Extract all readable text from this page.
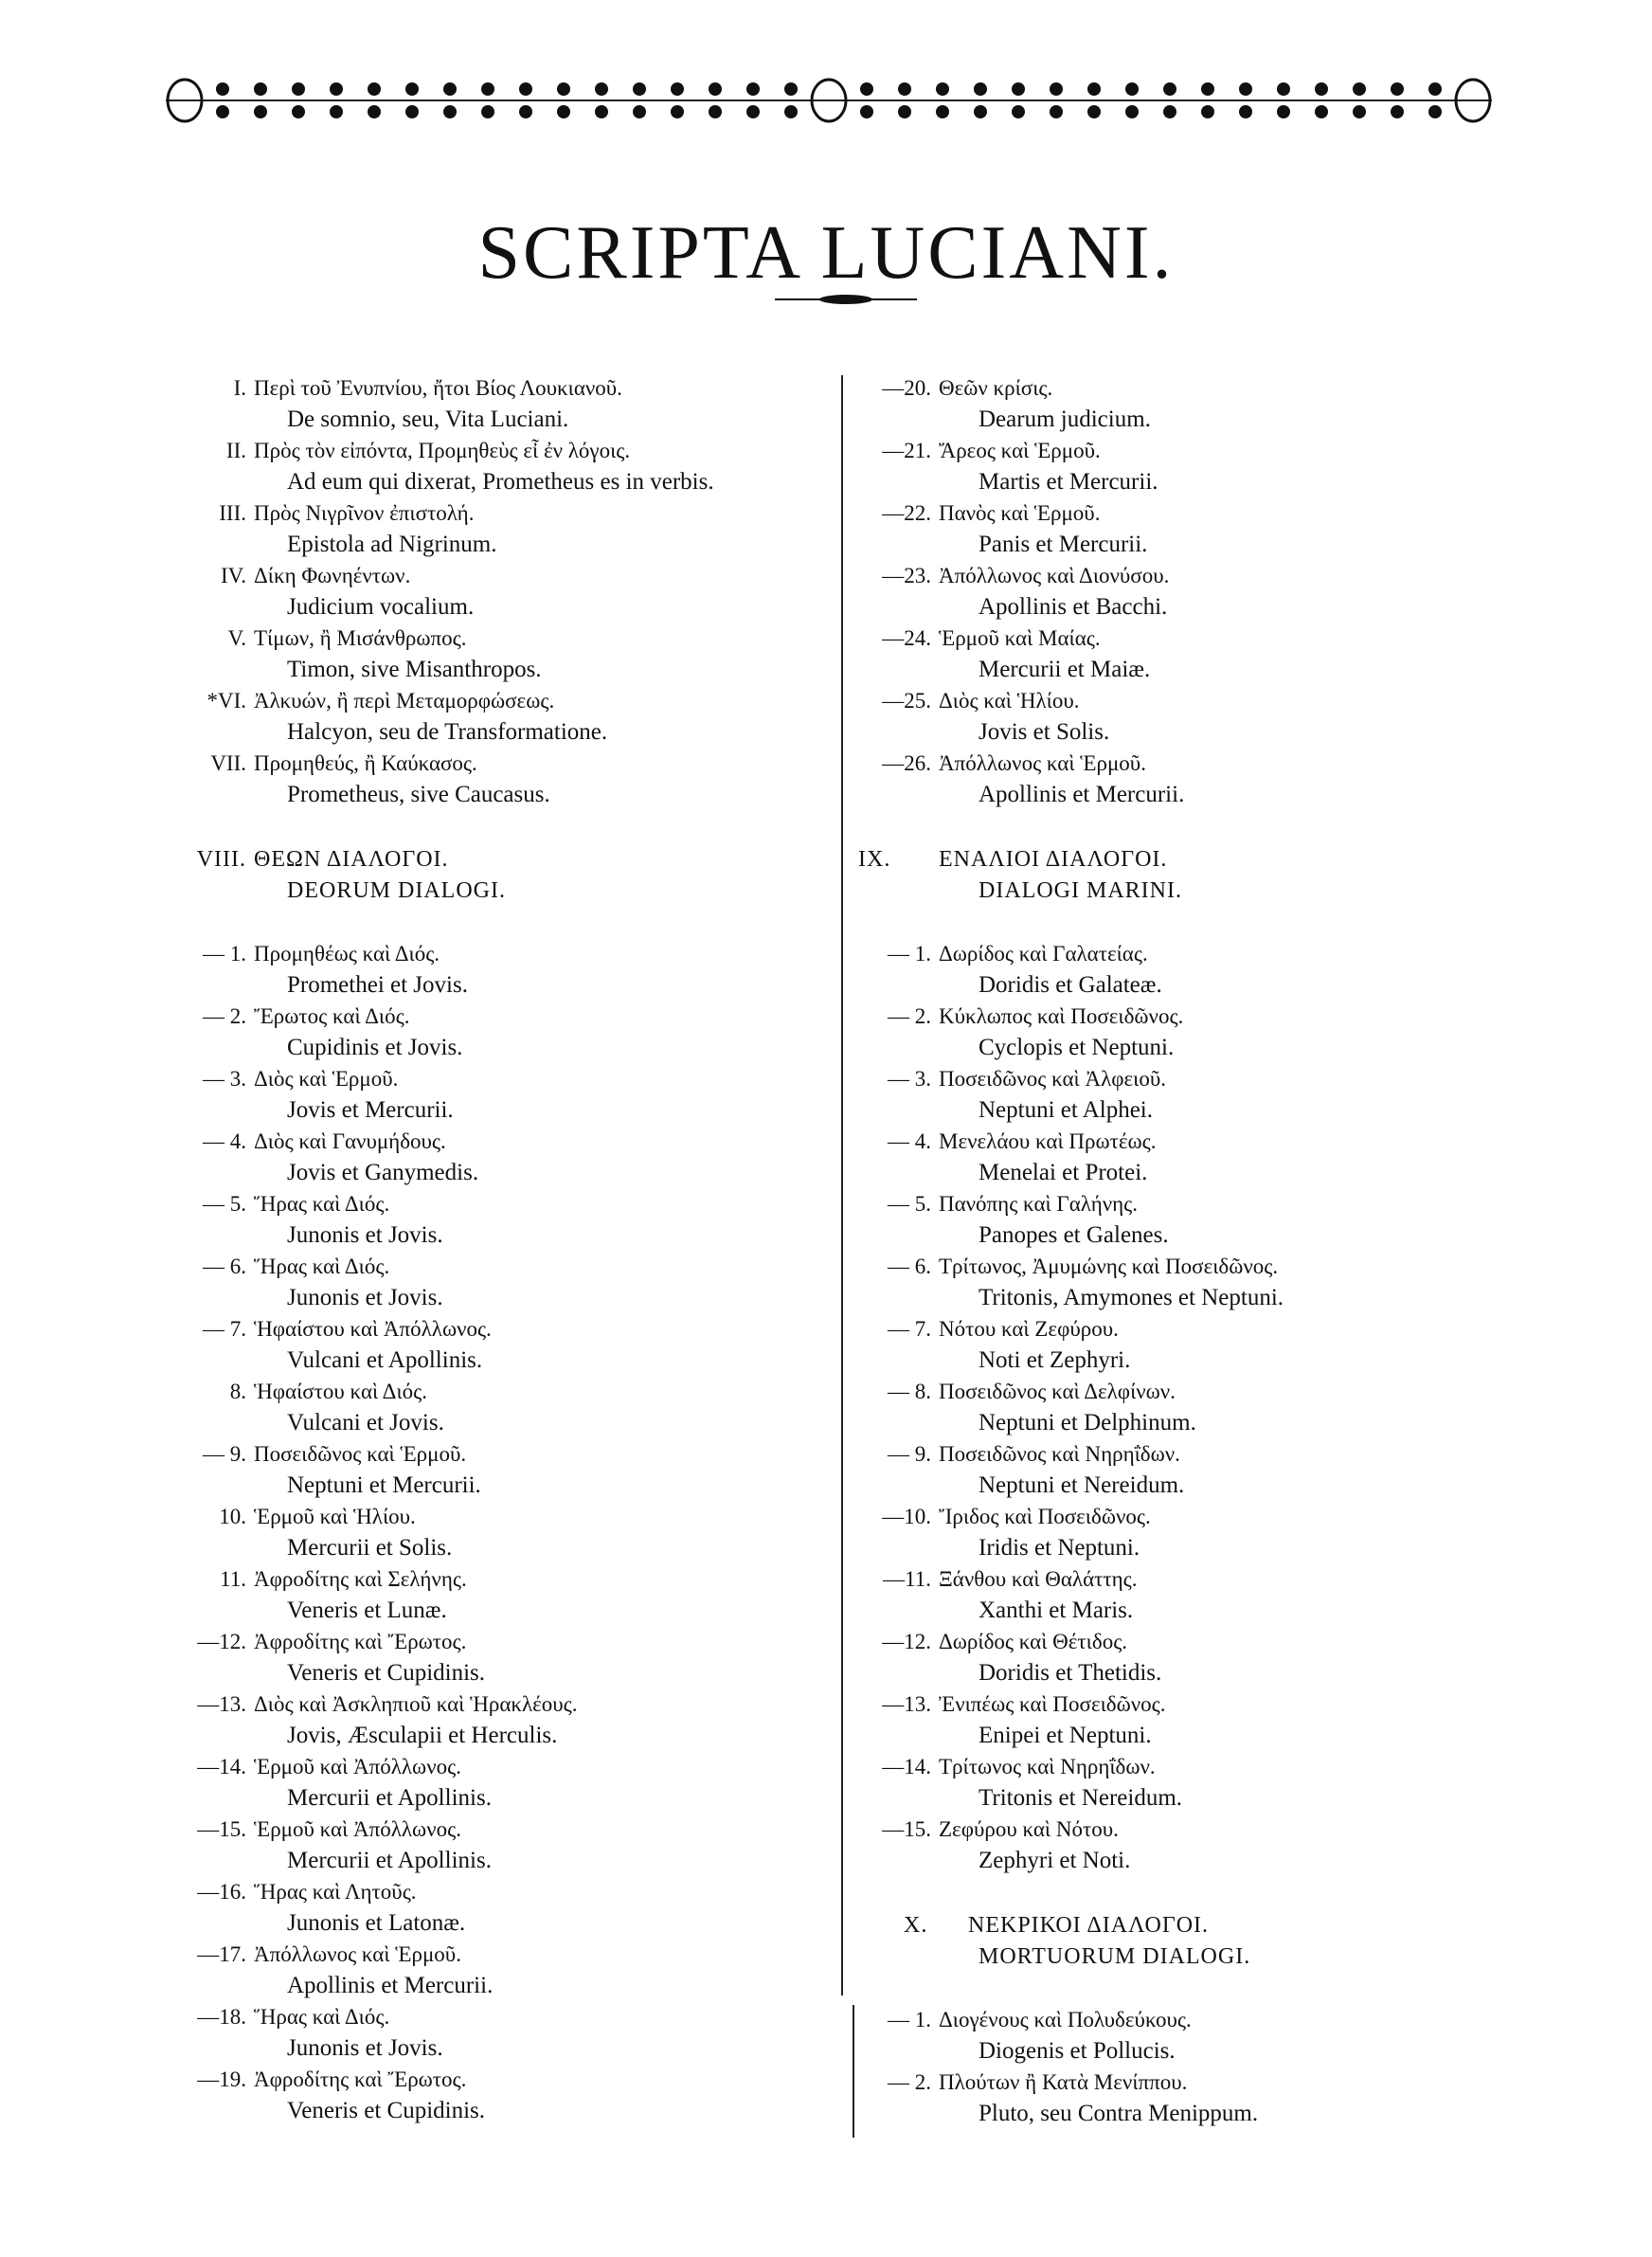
SCRIPTA LUCIANI.
I. Περὶ τοῦ Ἐνυπνίου, ἤτοι Βίος Λουκιανοῦ.
De somnio, seu, Vita Luciani.
II. Πρὸς τὸν εἰπόντα, Προμηθεὺς εἶ ἐν λόγοις.
Ad eum qui dixerat, Prometheus es in verbis.
III. Πρὸς Νιγρῖνον ἐπιστολή.
Epistola ad Nigrinum.
IV. Δίκη Φωνηέντων.
Judicium vocalium.
V. Τίμων, ἢ Μισάνθρωπος.
Timon, sive Misanthropos.
*VI. Ἀλκυών, ἢ περὶ Μεταμορφώσεως.
Halcyon, seu de Transformatione.
VII. Προμηθεύς, ἢ Καύκασος.
Prometheus, sive Caucasus.
VIII. ΘΕΩΝ ΔΙΑΛΟΓΟΙ.
DEORUM DIALOGI.
— 1. Προμηθέως καὶ Διός.
Promethei et Jovis.
— 2. Ἔρωτος καὶ Διός.
Cupidinis et Jovis.
— 3. Διὸς καὶ Ἑρμοῦ.
Jovis et Mercurii.
— 4. Διὸς καὶ Γανυμήδους.
Jovis et Ganymedis.
— 5. Ἥρας καὶ Διός.
Junonis et Jovis.
— 6. Ἥρας καὶ Διός.
Junonis et Jovis.
— 7. Ἡφαίστου καὶ Ἀπόλλωνος.
Vulcani et Apollinis.
8. Ἡφαίστου καὶ Διός.
Vulcani et Jovis.
— 9. Ποσειδῶνος καὶ Ἑρμοῦ.
Neptuni et Mercurii.
10. Ἑρμοῦ καὶ Ἡλίου.
Mercurii et Solis.
11. Ἀφροδίτης καὶ Σελήνης.
Veneris et Lunæ.
—12. Ἀφροδίτης καὶ Ἔρωτος.
Veneris et Cupidinis.
—13. Διὸς καὶ Ἀσκληπιοῦ καὶ Ἡρακλέους.
Jovis, Æsculapii et Herculis.
—14. Ἑρμοῦ καὶ Ἀπόλλωνος.
Mercurii et Apollinis.
—15. Ἑρμοῦ καὶ Ἀπόλλωνος.
Mercurii et Apollinis.
—16. Ἥρας καὶ Λητοῦς.
Junonis et Latonæ.
—17. Ἀπόλλωνος καὶ Ἑρμοῦ.
Apollinis et Mercurii.
—18. Ἥρας καὶ Διός.
Junonis et Jovis.
—19. Ἀφροδίτης καὶ Ἔρωτος.
Veneris et Cupidinis.
—20. Θεῶν κρίσις.
Dearum judicium.
—21. Ἄρεος καὶ Ἑρμοῦ.
Martis et Mercurii.
—22. Πανὸς καὶ Ἑρμοῦ.
Panis et Mercurii.
—23. Ἀπόλλωνος καὶ Διονύσου.
Apollinis et Bacchi.
—24. Ἑρμοῦ καὶ Μαίας.
Mercurii et Maiæ.
—25. Διὸς καὶ Ἡλίου.
Jovis et Solis.
—26. Ἀπόλλωνος καὶ Ἑρμοῦ.
Apollinis et Mercurii.
IX. ΕΝΑΛΙΟΙ ΔΙΑΛΟΓΟΙ.
DIALOGI MARINI.
— 1. Δωρίδος καὶ Γαλατείας.
Doridis et Galateæ.
— 2. Κύκλωπος καὶ Ποσειδῶνος.
Cyclopis et Neptuni.
— 3. Ποσειδῶνος καὶ Ἀλφειοῦ.
Neptuni et Alphei.
— 4. Μενελάου καὶ Πρωτέως.
Menelai et Protei.
— 5. Πανόπης καὶ Γαλήνης.
Panopes et Galenes.
— 6. Τρίτωνος, Ἀμυμώνης καὶ Ποσειδῶνος.
Tritonis, Amymones et Neptuni.
— 7. Νότου καὶ Ζεφύρου.
Noti et Zephyri.
— 8. Ποσειδῶνος καὶ Δελφίνων.
Neptuni et Delphinum.
— 9. Ποσειδῶνος καὶ Νηρηΐδων.
Neptuni et Nereidum.
—10. Ἴριδος καὶ Ποσειδῶνος.
Iridis et Neptuni.
—11. Ξάνθου καὶ Θαλάττης.
Xanthi et Maris.
—12. Δωρίδος καὶ Θέτιδος.
Doridis et Thetidis.
—13. Ἐνιπέως καὶ Ποσειδῶνος.
Enipei et Neptuni.
—14. Τρίτωνος καὶ Νηρηΐδων.
Tritonis et Nereidum.
—15. Ζεφύρου καὶ Νότου.
Zephyri et Noti.
X. ΝΕΚΡΙΚΟΙ ΔΙΑΛΟΓΟΙ.
MORTUORUM DIALOGI.
— 1. Διογένους καὶ Πολυδεύκους.
Diogenis et Pollucis.
— 2. Πλούτων ἢ Κατὰ Μενίππου.
Pluto, seu Contra Menippum.
